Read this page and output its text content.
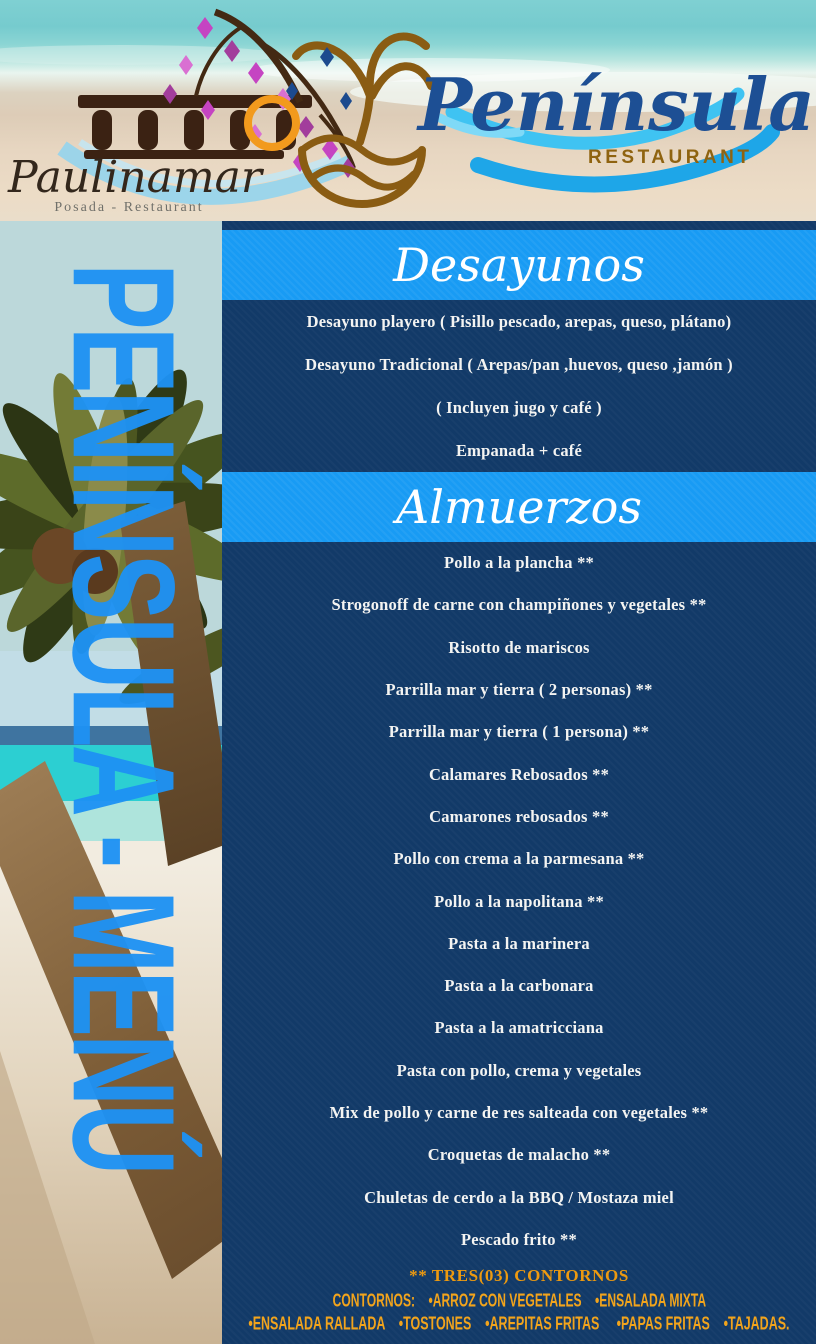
Paulinamar
Posada - Restaurant
Península
RESTAURANT
PENÍNSULA - MENÚ	Desayunos
Desayuno playero ( Pisillo pescado, arepas, queso, plátano)
Desayuno Tradicional ( Arepas/pan ,huevos, queso ,jamón )
( Incluyen jugo y café )
Empanada + café
Almuerzos
Pollo a la plancha **
Strogonoff de carne con champiñones y vegetales **
Risotto de mariscos
Parrilla mar y tierra ( 2 personas) **
Parrilla mar y tierra ( 1 persona) **
Calamares Rebosados **
Camarones rebosados **
Pollo con crema a la parmesana **
Pollo a la napolitana **
Pasta a la marinera
Pasta a la carbonara
Pasta a la amatricciana
Pasta con pollo, crema y vegetales
Mix de pollo y carne de res salteada con vegetales **
Croquetas de malacho **
Chuletas de cerdo a la BBQ / Mostaza miel
Pescado frito **
** TRES(03) CONTORNOS
CONTORNOS:    •ARROZ CON VEGETALES    •ENSALADA MIXTA
•ENSALADA RALLADA    •TOSTONES    •AREPITAS FRITAS     •PAPAS FRITAS    •TAJADAS.
